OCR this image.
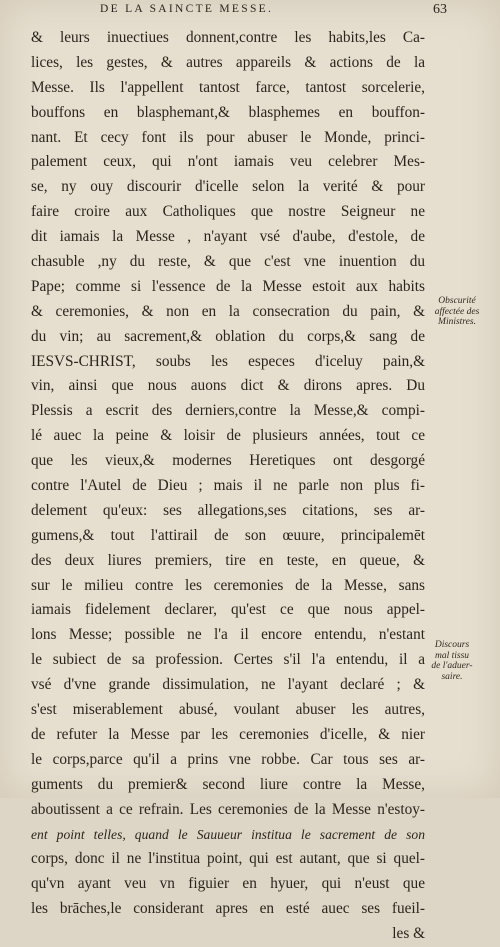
DE LA SAINCTE MESSE.	63
& leurs inuectiues donnent,contre les habits,les Ca-
lices, les gestes, & autres appareils & actions de la
Messe. Ils l'appellent tantost farce, tantost sorcelerie,
bouffons en blasphemant,& blasphemes en bouffon-
nant. Et cecy font ils pour abuser le Monde, princi-
palement ceux, qui n'ont iamais veu celebrer Mes-
se, ny ouy discourir d'icelle selon la verité & pour
faire croire aux Catholiques que nostre Seigneur ne
dit iamais la Messe , n'ayant vsé d'aube, d'estole, de
chasuble ,ny du reste, & que c'est vne inuention du
Pape; comme si l'essence de la Messe estoit aux habits
& ceremonies, & non en la consecration du pain, &
du vin; au sacrement,& oblation du corps,& sang de
IESVS-CHRIST, soubs les especes d'iceluy pain,&
vin, ainsi que nous auons dict & dirons apres. Du
Plessis a escrit des derniers,contre la Messe,& compi-
lé auec la peine & loisir de plusieurs années, tout ce
que les vieux,& modernes Heretiques ont desgorgé
contre l'Autel de Dieu ; mais il ne parle non plus fi-
delement qu'eux: ses allegations,ses citations, ses ar-
gumens,& tout l'attirail de son œuure, principalemēt
des deux liures premiers, tire en teste, en queue, &
sur le milieu contre les ceremonies de la Messe, sans
iamais fidelement declarer, qu'est ce que nous appel-
lons Messe; possible ne l'a il encore entendu, n'estant
le subiect de sa profession. Certes s'il l'a entendu, il a
vsé d'vne grande dissimulation, ne l'ayant declaré ; &
s'est miserablement abusé, voulant abuser les autres,
de refuter la Messe par les ceremonies d'icelle, & nier
le corps,parce qu'il a prins vne robbe. Car tous ses ar-
guments du premier& second liure contre la Messe,
aboutissent a ce refrain. Les ceremonies de la Messe n'estoy-
ent point telles, quand le Sauueur institua le sacrement de son
corps, donc il ne l'institua point, qui est autant, que si quel-
qu'vn ayant veu vn figuier en hyuer, qui n'eust que
les brāches,le considerant apres en esté auec ses fueil-
les &
Obscurité
affectée des
Ministres.
Discours
mal tissu
de l'aduer-
saire.
